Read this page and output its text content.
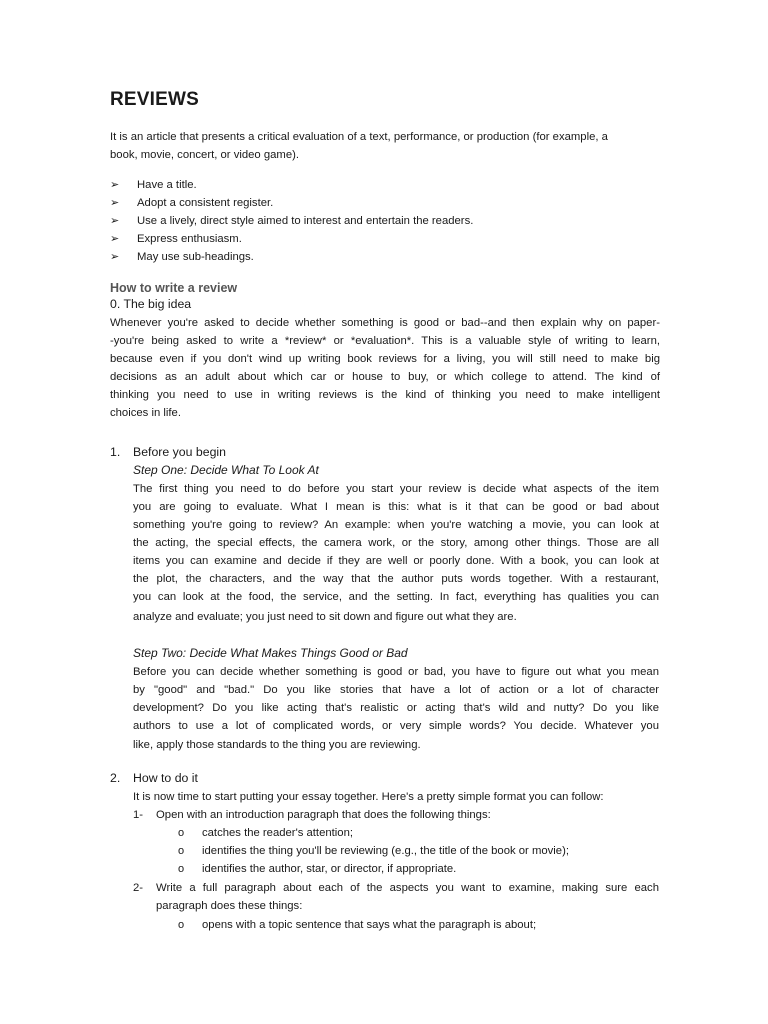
REVIEWS
It is an article that presents a critical evaluation of a text, performance, or production (for example, a
book, movie, concert, or video game).
➢ Have a title.
➢ Adopt a consistent register.
➢ Use a lively, direct style aimed to interest and entertain the readers.
➢ Express enthusiasm.
➢ May use sub-headings.
How to write a review
0. The big idea
Whenever you're asked to decide whether something is good or bad--and then explain why on paper-
-you're being asked to write a *review* or *evaluation*. This is a valuable style of writing to learn,
because even if you don't wind up writing book reviews for a living, you will still need to make big
decisions as an adult about which car or house to buy, or which college to attend. The kind of
thinking you need to use in writing reviews is the kind of thinking you need to make intelligent
choices in life.
1. Before you begin
Step One: Decide What To Look At
The first thing you need to do before you start your review is decide what aspects of the item
you are going to evaluate. What I mean is this: what is it that can be good or bad about
something you're going to review? An example: when you're watching a movie, you can look at
the acting, the special effects, the camera work, or the story, among other things. Those are all
items you can examine and decide if they are well or poorly done. With a book, you can look at
the plot, the characters, and the way that the author puts words together. With a restaurant,
you can look at the food, the service, and the setting. In fact, everything has qualities you can
analyze and evaluate; you just need to sit down and figure out what they are.
Step Two: Decide What Makes Things Good or Bad
Before you can decide whether something is good or bad, you have to figure out what you mean
by "good" and "bad." Do you like stories that have a lot of action or a lot of character
development? Do you like acting that's realistic or acting that's wild and nutty? Do you like
authors to use a lot of complicated words, or very simple words? You decide. Whatever you
like, apply those standards to the thing you are reviewing.
2. How to do it
It is now time to start putting your essay together. Here's a pretty simple format you can follow:
1- Open with an introduction paragraph that does the following things:
o catches the reader's attention;
o identifies the thing you'll be reviewing (e.g., the title of the book or movie);
o identifies the author, star, or director, if appropriate.
2- Write a full paragraph about each of the aspects you want to examine, making sure each
paragraph does these things:
o opens with a topic sentence that says what the paragraph is about;
